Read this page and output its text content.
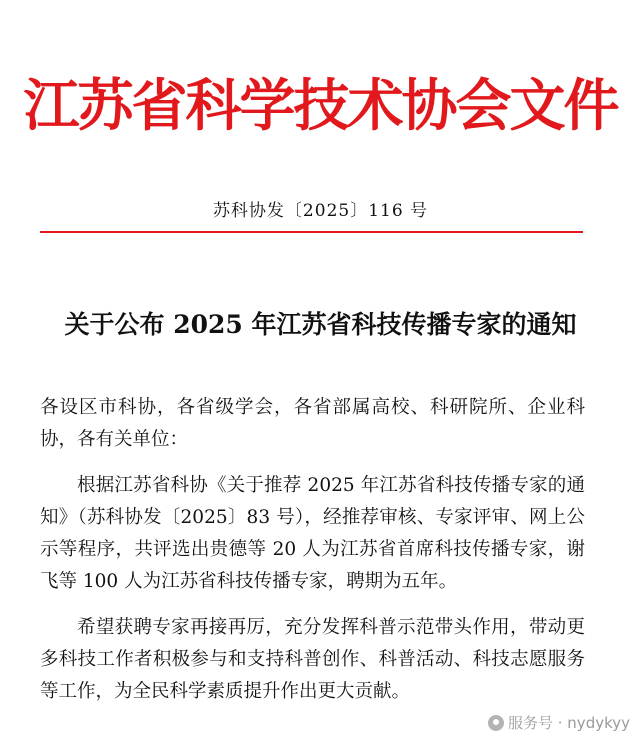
江苏省科学技术协会文件
苏科协发〔2025〕116 号
关于公布 2025 年江苏省科技传播专家的通知

各设区市科协，各省级学会，各省部属高校、科研院所、企业科协，各有关单位：

根据江苏省科协《关于推荐 2025 年江苏省科技传播专家的通知》（苏科协发〔2025〕83 号），经推荐审核、专家评审、网上公示等程序，共评选出贵德等 20 人为江苏省首席科技传播专家，谢飞等 100 人为江苏省科技传播专家，聘期为五年。

希望获聘专家再接再厉，充分发挥科普示范带头作用，带动更多科技工作者积极参与和支持科普创作、科普活动、科技志愿服务等工作，为全民科学素质提升作出更大贡献。

服务号 · nydykyy
